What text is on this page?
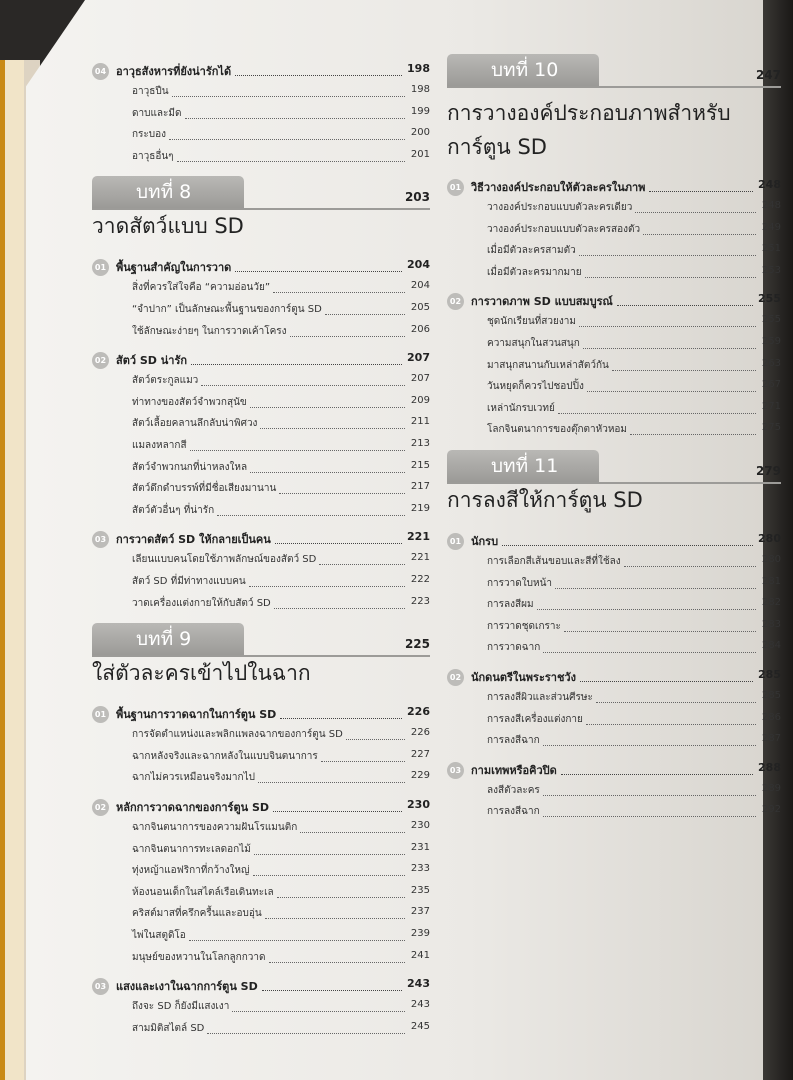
04 อาวุธสังหารที่ยังน่ารักได้	198
อาวุธปืน	198
ดาบและมีด	199
กระบอง	200
อาวุธอื่นๆ	201
บทที่ 8	203
วาดสัตว์แบบ SD
01 พื้นฐานสำคัญในการวาด	204
สิ่งที่ควรใส่ใจคือ “ความอ่อนวัย”	204
“จำปาก” เป็นลักษณะพื้นฐานของการ์ตูน SD	205
ใช้ลักษณะง่ายๆ ในการวาดเค้าโครง	206
02 สัตว์ SD น่ารัก	207
สัตว์ตระกูลแมว	207
ท่าทางของสัตว์จำพวกสุนัข	209
สัตว์เลื้อยคลานลึกลับน่าพิศวง	211
แมลงหลากสี	213
สัตว์จำพวกนกที่น่าหลงใหล	215
สัตว์ดึกดำบรรพ์ที่มีชื่อเสียงมานาน	217
สัตว์ตัวอื่นๆ ที่น่ารัก	219
03 การวาดสัตว์ SD ให้กลายเป็นคน	221
เลียนแบบคนโดยใช้ภาพลักษณ์ของสัตว์ SD	221
สัตว์ SD ที่มีท่าทางแบบคน	222
วาดเครื่องแต่งกายให้กับสัตว์ SD	223
บทที่ 9	225
ใส่ตัวละครเข้าไปในฉาก
01 พื้นฐานการวาดฉากในการ์ตูน SD	226
การจัดตำแหน่งและพลิกแพลงฉากของการ์ตูน SD	226
ฉากหลังจริงและฉากหลังในแบบจินตนาการ	227
ฉากไม่ควรเหมือนจริงมากไป	229
02 หลักการวาดฉากของการ์ตูน SD	230
ฉากจินตนาการของความฝันโรแมนติก	230
ฉากจินตนาการทะเลดอกไม้	231
ทุ่งหญ้าแอฟริกาที่กว้างใหญ่	233
ห้องนอนเด็กในสไตล์เรือเดินทะเล	235
คริสต์มาสที่ครึกครื้นและอบอุ่น	237
ไพ่ในสตูดิโอ	239
มนุษย์ของหวานในโลกลูกกวาด	241
03 แสงและเงาในฉากการ์ตูน SD	243
ถึงจะ SD ก็ยังมีแสงเงา	243
สามมิติสไตล์ SD	245
บทที่ 10	247
การวางองค์ประกอบภาพสำหรับ
การ์ตูน SD
01 วิธีวางองค์ประกอบให้ตัวละครในภาพ	248
วางองค์ประกอบแบบตัวละครเดียว	248
วางองค์ประกอบแบบตัวละครสองตัว	249
เมื่อมีตัวละครสามตัว	251
เมื่อมีตัวละครมากมาย	253
02 การวาดภาพ SD แบบสมบูรณ์	255
ชุดนักเรียนที่สวยงาม	255
ความสนุกในสวนสนุก	259
มาสนุกสนานกับเหล่าสัตว์กัน	263
วันหยุดก็ควรไปชอปปิ้ง	267
เหล่านักรบเวทย์	271
โลกจินตนาการของตุ๊กตาหัวหอม	275
บทที่ 11	279
การลงสีให้การ์ตูน SD
01 นักรบ	280
การเลือกสีเส้นขอบและสีที่ใช้ลง	280
การวาดใบหน้า	281
การลงสีผม	282
การวาดชุดเกราะ	283
การวาดฉาก	284
02 นักดนตรีในพระราชวัง	285
การลงสีผิวและส่วนศีรษะ	285
การลงสีเครื่องแต่งกาย	286
การลงสีฉาก	287
03 กามเทพหรือคิวปิด	288
ลงสีตัวละคร	289
การลงสีฉาก	292
